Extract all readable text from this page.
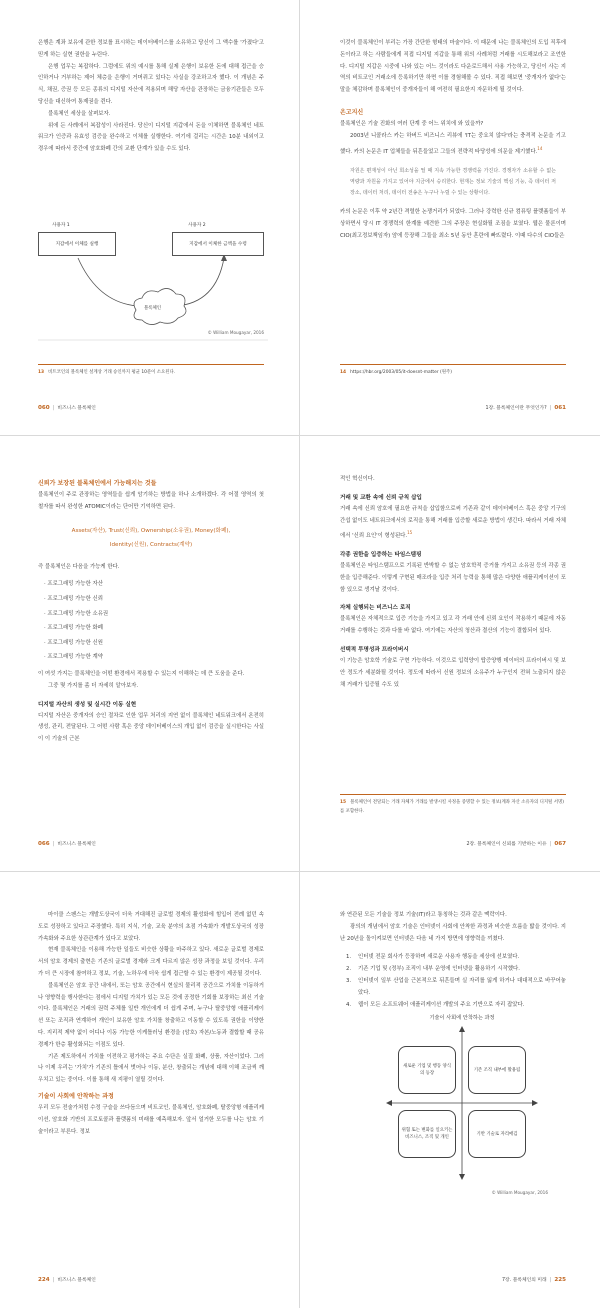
은행은 계좌 보유에 관한 정보를 표시하는 데이터베이스를 소유하고 당신이 그 액수를 '가졌다'고 믿게 하는 실현 권한을 누린다.

은행 업무는 복잡하다. 그럼에도 위의 예시를 통해 실제 은행이 보유한 돈에 대해 접근을 승인하거나 거부하는 제어 체층을 은행이 거머쥐고 있다는 사실을 강조하고자 했다. 이 개념은 주식, 채권, 증권 등 모든 종류의 디지털 자산에 적용되며 해당 자산을 관장하는 금융기관들은 모두 당신을 대신하여 통제권을 쥔다.

블록체인 세상을 살펴보자.

위에 든 사례에서 복잡성이 사라진다. 당신이 디지털 지갑에서 돈을 이체하면 블록체인 네트워크가 인증과 유효성 검증을 완수하고 이체를 실행한다. 여기에 걸리는 시간은 10분 내외이고 경우에 따라서 중간에 암호화폐 간의 교환 단계가 있을 수도 있다.

사용자 1	사용자 2
지갑에서 이체를 실행	지갑에서 이체한 금액을 수령
블록체인
© William Mougayar, 2016
13 비트코인의 블록체인 설계상 거래 승인까지 평균 10분이 소요된다.
060 | 비즈니스 블록체인

이것이 블록체인이 부리는 가장 간단한 형태의 마술이다. 이 때문에 나는 블록체인의 도입 직후에 돈이라고 하는 사람들에게 직접 디지털 지갑을 통해 위의 사례처럼 거래를 시도해보라고 조언한다. 디지털 지갑은 시중에 나와 있는 어느 것이라도 다운로드해서 사용 가능하고, 당신이 사는 지역의 비트코인 거래소에 등록하기만 하면 이를 경험해볼 수 있다. 직접 해보면 '중개자가 없다'는 말을 체감하며 블록체인이 중개자들이 해 여전히 필요한지 자문하게 될 것이다.

온고지신

블록체인은 기술 진화의 여러 단계 중 어느 위치에 와 있을까?

2003년 니콜라스 카는 하버드 비즈니스 리뷰에 'IT는 중요치 않다'라는 충격적 논문을 기고했다. 카의 논문은 IT 업체들을 뒤흔들었고 그들의 전략적 타당성에 의문을 제기했다.$^{14}$

자원은 편재성이 아닌 희소성을 띨 때 지속 가능한 경쟁력을 가진다. 경쟁자가 소유할 수 없는 역량과 자원을 가지고 있어야 지금에서 승리한다. 현재는 정보 기술의 핵심 기능, 즉 데이터 저장소, 데이터 처리, 데이터 전송은 누구나 누릴 수 있는 상황이다.

카의 논문은 이후 약 2년간 격렬한 논쟁거리가 되었다. 그러나 강력한 신규 컴퓨팅 플랫폼들이 부상하면서 당시 IT 경쟁력의 한계를 예견한 그의 주장은 현실화될 조짐을 보였다. 웹은 물론이며 CIO(최고정보책임자) 암에 등장해 그들을 최소 5년 동안 혼란에 빠뜨렸다. 이때 다수의 CIO들은

14 https://hbr.org/2003/05/it-doesnt-matter (원주)
1장. 블록체인이란 무엇인가? | 061
신뢰가 보장된 블록체인에서 가능해지는 것들

블록체인이 주로 관장하는 영역들을 쉽게 암기하는 방법을 하나 소개하겠다. 각 어절 영역의 첫 철자를 따서 완성한 ATOMIC이라는 단어만 기억하면 된다.

Assets(자산), Trust(신뢰), Ownership(소유권), Money(화폐),
Identity(신원), Contracts(계약)

즉 블록체인은 다음을 가능케 한다.

· 프로그래밍 가능한 자산
· 프로그래밍 가능한 신뢰
· 프로그래밍 가능한 소유권
· 프로그래밍 가능한 화폐
· 프로그래밍 가능한 신원
· 프로그래밍 가능한 계약

이 여섯 가지는 블록체인을 어떤 환경에서 적용할 수 있는지 이해하는 데 큰 도움을 준다.

그중 몇 가지를 좀 더 자세히 알아보자.

디지털 자산의 생성 및 실시간 이동 실현

디지털 자산은 중개자의 승인 절차로 인한 업무 처리의 지연 없이 블록체인 네트워크에서 온전히 생성, 관리, 전달된다. 그 어떤 사람 혹은 중앙 데이터베이스의 개입 없이 검증을 실시한다는 사실이 이 기술의 근본

066 | 비즈니스 블록체인

적인 혁신이다.

거래 및 교환 속에 신뢰 규칙 삽입

거래 속에 신뢰 암호에 필요한 규칙을 삽입함으로써 기존과 같이 데이터베이스 혹은 중앙 기구의 간섭 없이도 네트워크에서의 로직을 통해 거래를 입증할 새로운 방법이 생긴다. 따라서 거래 자체에서 '신뢰 요인'이 형성된다.$^{15}$

각종 권한을 입증하는 타임스탬핑

블록체인은 타임스탬프으로 기록된 반박할 수 없는 암호학적 증거를 가지고 소유권 등의 각종 권한을 입증해준다. 이렇게 구현된 매조라을 입증 처리 능력을 통해 많은 다양한 애플리케이션이 포함 있으로 생겨날 것이다.

자체 실행되는 비즈니스 로직

블록체인은 자체적으로 입증 기능을 가지고 있고 각 거래 안에 신뢰 요인이 작용하기 때문에 자동 거래를 수행하는 것과 다를 바 없다. 여기에는 자산의 청산과 결산의 기능이 결합되어 있다.

선택적 투명성과 프라이버시

이 기능은 암호학 기술로 구현 가능하다. 이것으로 입력양이 탑증양행 데이터의 프라이버시 및 보안 정도가 세분화될 것이다. 정도에 따라서 신원 정보의 소유주가 누구인지 전혀 노출되지 않은 채 거래가 입증될 수도 있

15 블록체인이 전달되는 거래 자체가 거래를 발생시킬 사정을 증명할 수 있는 정보(계좌 자산 소유자의 디지털 서명)를 포함한다.
2장. 블록체인이 신뢰를 기반하는 이유 | 067

마이클 스펜스는 개발도상국이 더욱 거대해진 글로벌 경제의 활성화에 힘입어 전례 없던 속도로 성장하고 있다고 주장했다. 특히 지식, 기술, 교육 분야의 초점 가속화가 개발도상국의 성장 가속화와 주요한 상관관계가 있다고 보았다.

현재 블록체인을 이용해 가능한 일들도 비슷한 상황을 마주하고 있다. 새로운 글로벌 경제로서의 암호 경제의 출현은 기존의 글로벌 경제와 크게 다르지 않은 성장 과정을 보일 것이다. 우리가 더 큰 시장에 참여하고 정보, 기술, 노하우에 더욱 쉽게 접근할 수 있는 환경이 제공될 것이다.

블록체인은 암호 공간 내에서, 또는 암호 공간에서 현실의 물리적 공간으로 가치를 이동하거나 영향력을 행사한다는 점에서 디지털 가치가 있는 모든 것에 공정한 기회를 보장하는 최신 기술이다. 블록체인은 거래의 권력 주체를 일반 개인에게 더 쉽게 주며, 누구나 탈중앙형 애플리케이션 또는 조직과 연계하여 개인이 보유한 암호 가치를 창출하고 이동할 수 있도록 권한을 이양한다. 지리적 제약 없이 어디나 이동 가능한 이케틀러닝 환경을 (암호) 자본/노동과 결합할 때 공유 경제가 한층 활성화되는 이점도 있다.

기존 제도하에서 가치를 이전하고 평가하는 주요 수단은 실질 화폐, 상품, 자산이었다. 그러나 이제 우리는 '가치'가 기존의 틀에서 벗어나 이동, 분산, 창출되는 개념에 대해 이해 조금씩 깨우치고 있는 중이다. 이를 통해 새 지평이 열릴 것이다.

기술이 사회에 안착하는 과정

우리 모두 전술가처럼 수정 구슬을 쓰다듬으며 비트코인, 블록체인, 암호화폐, 탈중앙형 애플리케이션, 암호화 기반의 프로토콜과 플랫폼의 미래를 예측해보자. 앞서 얼거한 모두를 나는 암호 기술이라고 부른다. 정보

224 | 비즈니스 블록체인

와 연관된 모든 기술을 정보 기술(IT)라고 통칭하는 것과 같은 맥락이다.

광의의 개념에서 암호 기술은 인터넷이 사회에 안착한 과정과 비슷한 흐름을 밟을 것이다. 지난 20년을 돌이켜보면 인터넷은 다음 네 가지 방면에 영향력을 끼쳤다.

1.	인터넷 전문 회사가 등장하며 새로운 사용자 행동을 세상에 선보였다.
2.	기존 기업 및 (정부) 조직이 내부 운영에 인터넷을 활용하기 시작했다.
3.	인터넷이 일부 산업을 근본적으로 뒤흔들며 실 자리를 잃게 하거나 대대적으로 바꾸어놓았다.
4.	웹이 모든 소프트웨어 애플리케이션 개발의 주요 기반으로 자리 잡았다.
기술이 사회에 안착하는 과정
새로운 기업 및 행동 양식의 등장
기존 조직 내부에 활용됨
위협 또는 변화를 일으키는 비즈니스, 조직 및 개인
기반 기술로 자리매김
© William Mougayar, 2016
7장. 블록체인의 미래 | 225
